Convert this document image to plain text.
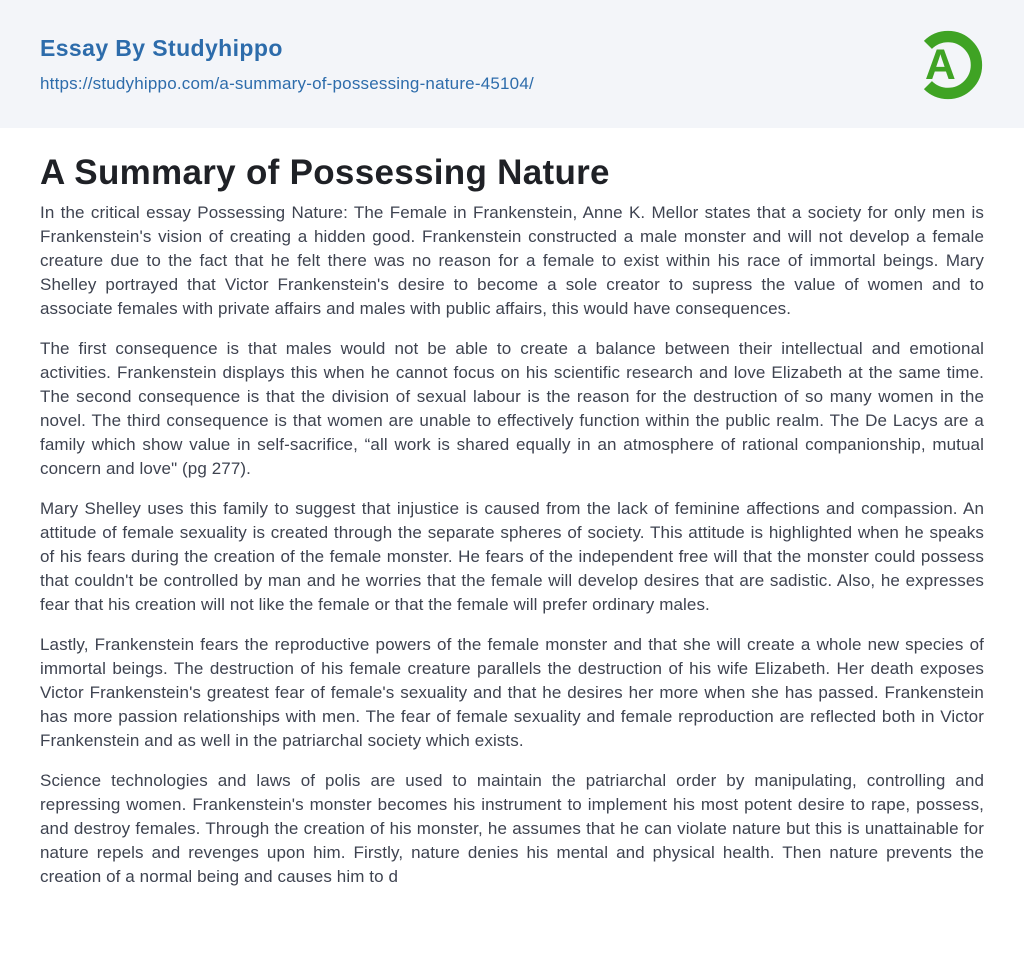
Essay By Studyhippo
https://studyhippo.com/a-summary-of-possessing-nature-45104/	A
A Summary of Possessing Nature

In the critical essay Possessing Nature: The Female in Frankenstein, Anne K. Mellor states that a society for only men is Frankenstein's vision of creating a hidden good. Frankenstein constructed a male monster and will not develop a female creature due to the fact that he felt there was no reason for a female to exist within his race of immortal beings. Mary Shelley portrayed that Victor Frankenstein's desire to become a sole creator to supress the value of women and to associate females with private affairs and males with public affairs, this would have consequences.

The first consequence is that males would not be able to create a balance between their intellectual and emotional activities. Frankenstein displays this when he cannot focus on his scientific research and love Elizabeth at the same time. The second consequence is that the division of sexual labour is the reason for the destruction of so many women in the novel. The third consequence is that women are unable to effectively function within the public realm. The De Lacys are a family which show value in self-sacrifice, “all work is shared equally in an atmosphere of rational companionship, mutual concern and love" (pg 277).

Mary Shelley uses this family to suggest that injustice is caused from the lack of feminine affections and compassion. An attitude of female sexuality is created through the separate spheres of society. This attitude is highlighted when he speaks of his fears during the creation of the female monster. He fears of the independent free will that the monster could possess that couldn't be controlled by man and he worries that the female will develop desires that are sadistic. Also, he expresses fear that his creation will not like the female or that the female will prefer ordinary males.

Lastly, Frankenstein fears the reproductive powers of the female monster and that she will create a whole new species of immortal beings. The destruction of his female creature parallels the destruction of his wife Elizabeth. Her death exposes Victor Frankenstein's greatest fear of female's sexuality and that he desires her more when she has passed. Frankenstein has more passion relationships with men. The fear of female sexuality and female reproduction are reflected both in Victor Frankenstein and as well in the patriarchal society which exists.

Science technologies and laws of polis are used to maintain the patriarchal order by manipulating, controlling and repressing women. Frankenstein's monster becomes his instrument to implement his most potent desire to rape, possess, and destroy females. Through the creation of his monster, he assumes that he can violate nature but this is unattainable for nature repels and revenges upon him. Firstly, nature denies his mental and physical health. Then nature prevents the creation of a normal being and causes him to d
